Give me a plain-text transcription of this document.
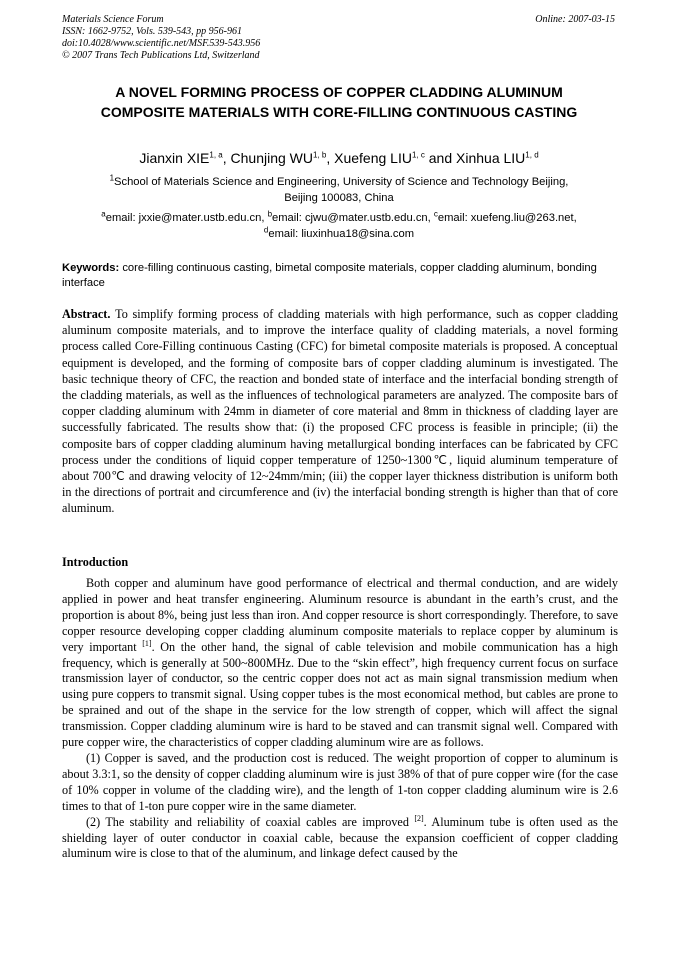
Materials Science Forum
ISSN: 1662-9752, Vols. 539-543, pp 956-961
doi:10.4028/www.scientific.net/MSF.539-543.956
© 2007 Trans Tech Publications Ltd, Switzerland
Online: 2007-03-15
A NOVEL FORMING PROCESS OF COPPER CLADDING ALUMINUM
COMPOSITE MATERIALS WITH CORE-FILLING CONTINUOUS CASTING
Jianxin XIE$^{1, a}$, Chunjing WU$^{1, b}$, Xuefeng LIU$^{1, c}$ and Xinhua LIU$^{1, d}$
$^1$School of Materials Science and Engineering, University of Science and Technology Beijing,
Beijing 100083, China
$^a$email: jxxie@mater.ustb.edu.cn, $^b$email: cjwu@mater.ustb.edu.cn, $^c$email: xuefeng.liu@263.net,
$^d$email: liuxinhua18@sina.com
Keywords: core-filling continuous casting, bimetal composite materials, copper cladding aluminum, bonding interface
Abstract. To simplify forming process of cladding materials with high performance, such as copper cladding aluminum composite materials, and to improve the interface quality of cladding materials, a novel forming process called Core-Filling continuous Casting (CFC) for bimetal composite materials is proposed. A conceptual equipment is developed, and the forming of composite bars of copper cladding aluminum is investigated. The basic technique theory of CFC, the reaction and bonded state of interface and the interfacial bonding strength of the cladding materials, as well as the influences of technological parameters are analyzed. The composite bars of copper cladding aluminum with 24mm in diameter of core material and 8mm in thickness of cladding layer are successfully fabricated. The results show that: (i) the proposed CFC process is feasible in principle; (ii) the composite bars of copper cladding aluminum having metallurgical bonding interfaces can be fabricated by CFC process under the conditions of liquid copper temperature of 1250~1300℃, liquid aluminum temperature of about 700℃ and drawing velocity of 12~24mm/min; (iii) the copper layer thickness distribution is uniform both in the directions of portrait and circumference and (iv) the interfacial bonding strength is higher than that of core aluminum.
Introduction

Both copper and aluminum have good performance of electrical and thermal conduction, and are widely applied in power and heat transfer engineering. Aluminum resource is abundant in the earth’s crust, and the proportion is about 8%, being just less than iron. And copper resource is short correspondingly. Therefore, to save copper resource developing copper cladding aluminum composite materials to replace copper by aluminum is very important [1]. On the other hand, the signal of cable television and mobile communication has a high frequency, which is generally at 500~800MHz. Due to the “skin effect”, high frequency current focus on surface transmission layer of conductor, so the centric copper does not act as main signal transmission medium when using pure coppers to transmit signal. Using copper tubes is the most economical method, but cables are prone to be sprained and out of the shape in the service for the low strength of copper, which will affect the signal transmission. Copper cladding aluminum wire is hard to be staved and can transmit signal well. Compared with pure copper wire, the characteristics of copper cladding aluminum wire are as follows.

(1) Copper is saved, and the production cost is reduced. The weight proportion of copper to aluminum is about 3.3:1, so the density of copper cladding aluminum wire is just 38% of that of pure copper wire (for the case of 10% copper in volume of the cladding wire), and the length of 1-ton copper cladding aluminum wire is 2.6 times to that of 1-ton pure copper wire in the same diameter.

(2) The stability and reliability of coaxial cables are improved [2]. Aluminum tube is often used as the shielding layer of outer conductor in coaxial cable, because the expansion coefficient of copper cladding aluminum wire is close to that of the aluminum, and linkage defect caused by the
